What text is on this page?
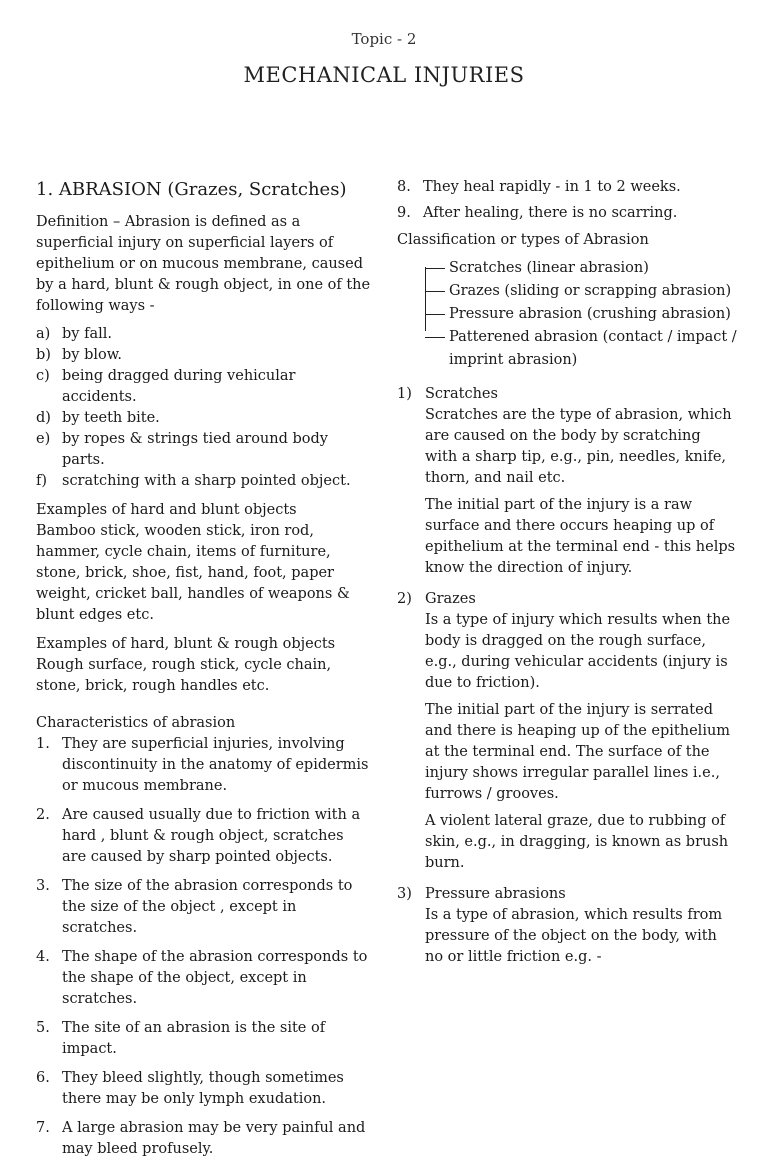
Topic - 2
MECHANICAL INJURIES
1. ABRASION (Grazes, Scratches)
Definition – Abrasion is defined as a superficial injury on superficial layers of epithelium or on mucous membrane, caused by a hard, blunt & rough object, in one of the following ways -
a) by fall.
b) by blow.
c) being dragged during vehicular accidents.
d) by teeth bite.
e) by ropes & strings tied around body parts.
f)	scratching with a sharp pointed object.
Examples of hard and blunt objects
Bamboo stick, wooden stick, iron rod, hammer, cycle chain, items of furniture, stone, brick, shoe, fist, hand, foot, paper weight, cricket ball, handles of weapons & blunt edges etc.
Examples of hard, blunt & rough objects
Rough surface, rough stick, cycle chain, stone, brick, rough handles etc.
Characteristics of abrasion
1. They are superficial injuries, involving discontinuity in the anatomy of epidermis or mucous membrane.
2. Are caused usually due to friction with a hard , blunt & rough object, scratches are caused by sharp pointed objects.
3. The size of the abrasion corresponds to the size of the object , except in scratches.
4. The shape of the abrasion corresponds to the shape of the object, except in scratches.
5. The site of an abrasion is the site of impact.
6. They bleed slightly, though sometimes there may be only lymph exudation.
7. A large abrasion may be very painful and may bleed profusely.
8. They heal rapidly - in 1 to 2 weeks.
9. After healing, there is no scarring.
Classification or types of Abrasion
Scratches (linear abrasion)
Grazes (sliding or scrapping abrasion)
Pressure abrasion (crushing abrasion)
Patterened abrasion (contact / impact / imprint abrasion)
1) Scratches
Scratches are the type of abrasion, which are caused on the body by scratching with a sharp tip, e.g., pin, needles, knife, thorn, and nail etc.
The initial part of the injury is a raw surface and there occurs heaping up of epithelium at the terminal end - this helps know the direction of injury.
2) Grazes
Is a type of injury which results when the body is dragged on the rough surface, e.g., during vehicular accidents (injury is due to friction).
The initial part of the injury is serrated and there is heaping up of the epithelium at the terminal end. The surface of the injury shows irregular parallel lines i.e., furrows / grooves.
A violent lateral graze, due to rubbing of skin, e.g., in dragging, is known as brush burn.
3) Pressure abrasions
Is a type of abrasion, which results from pressure of the object on the body, with no or little friction e.g. -
